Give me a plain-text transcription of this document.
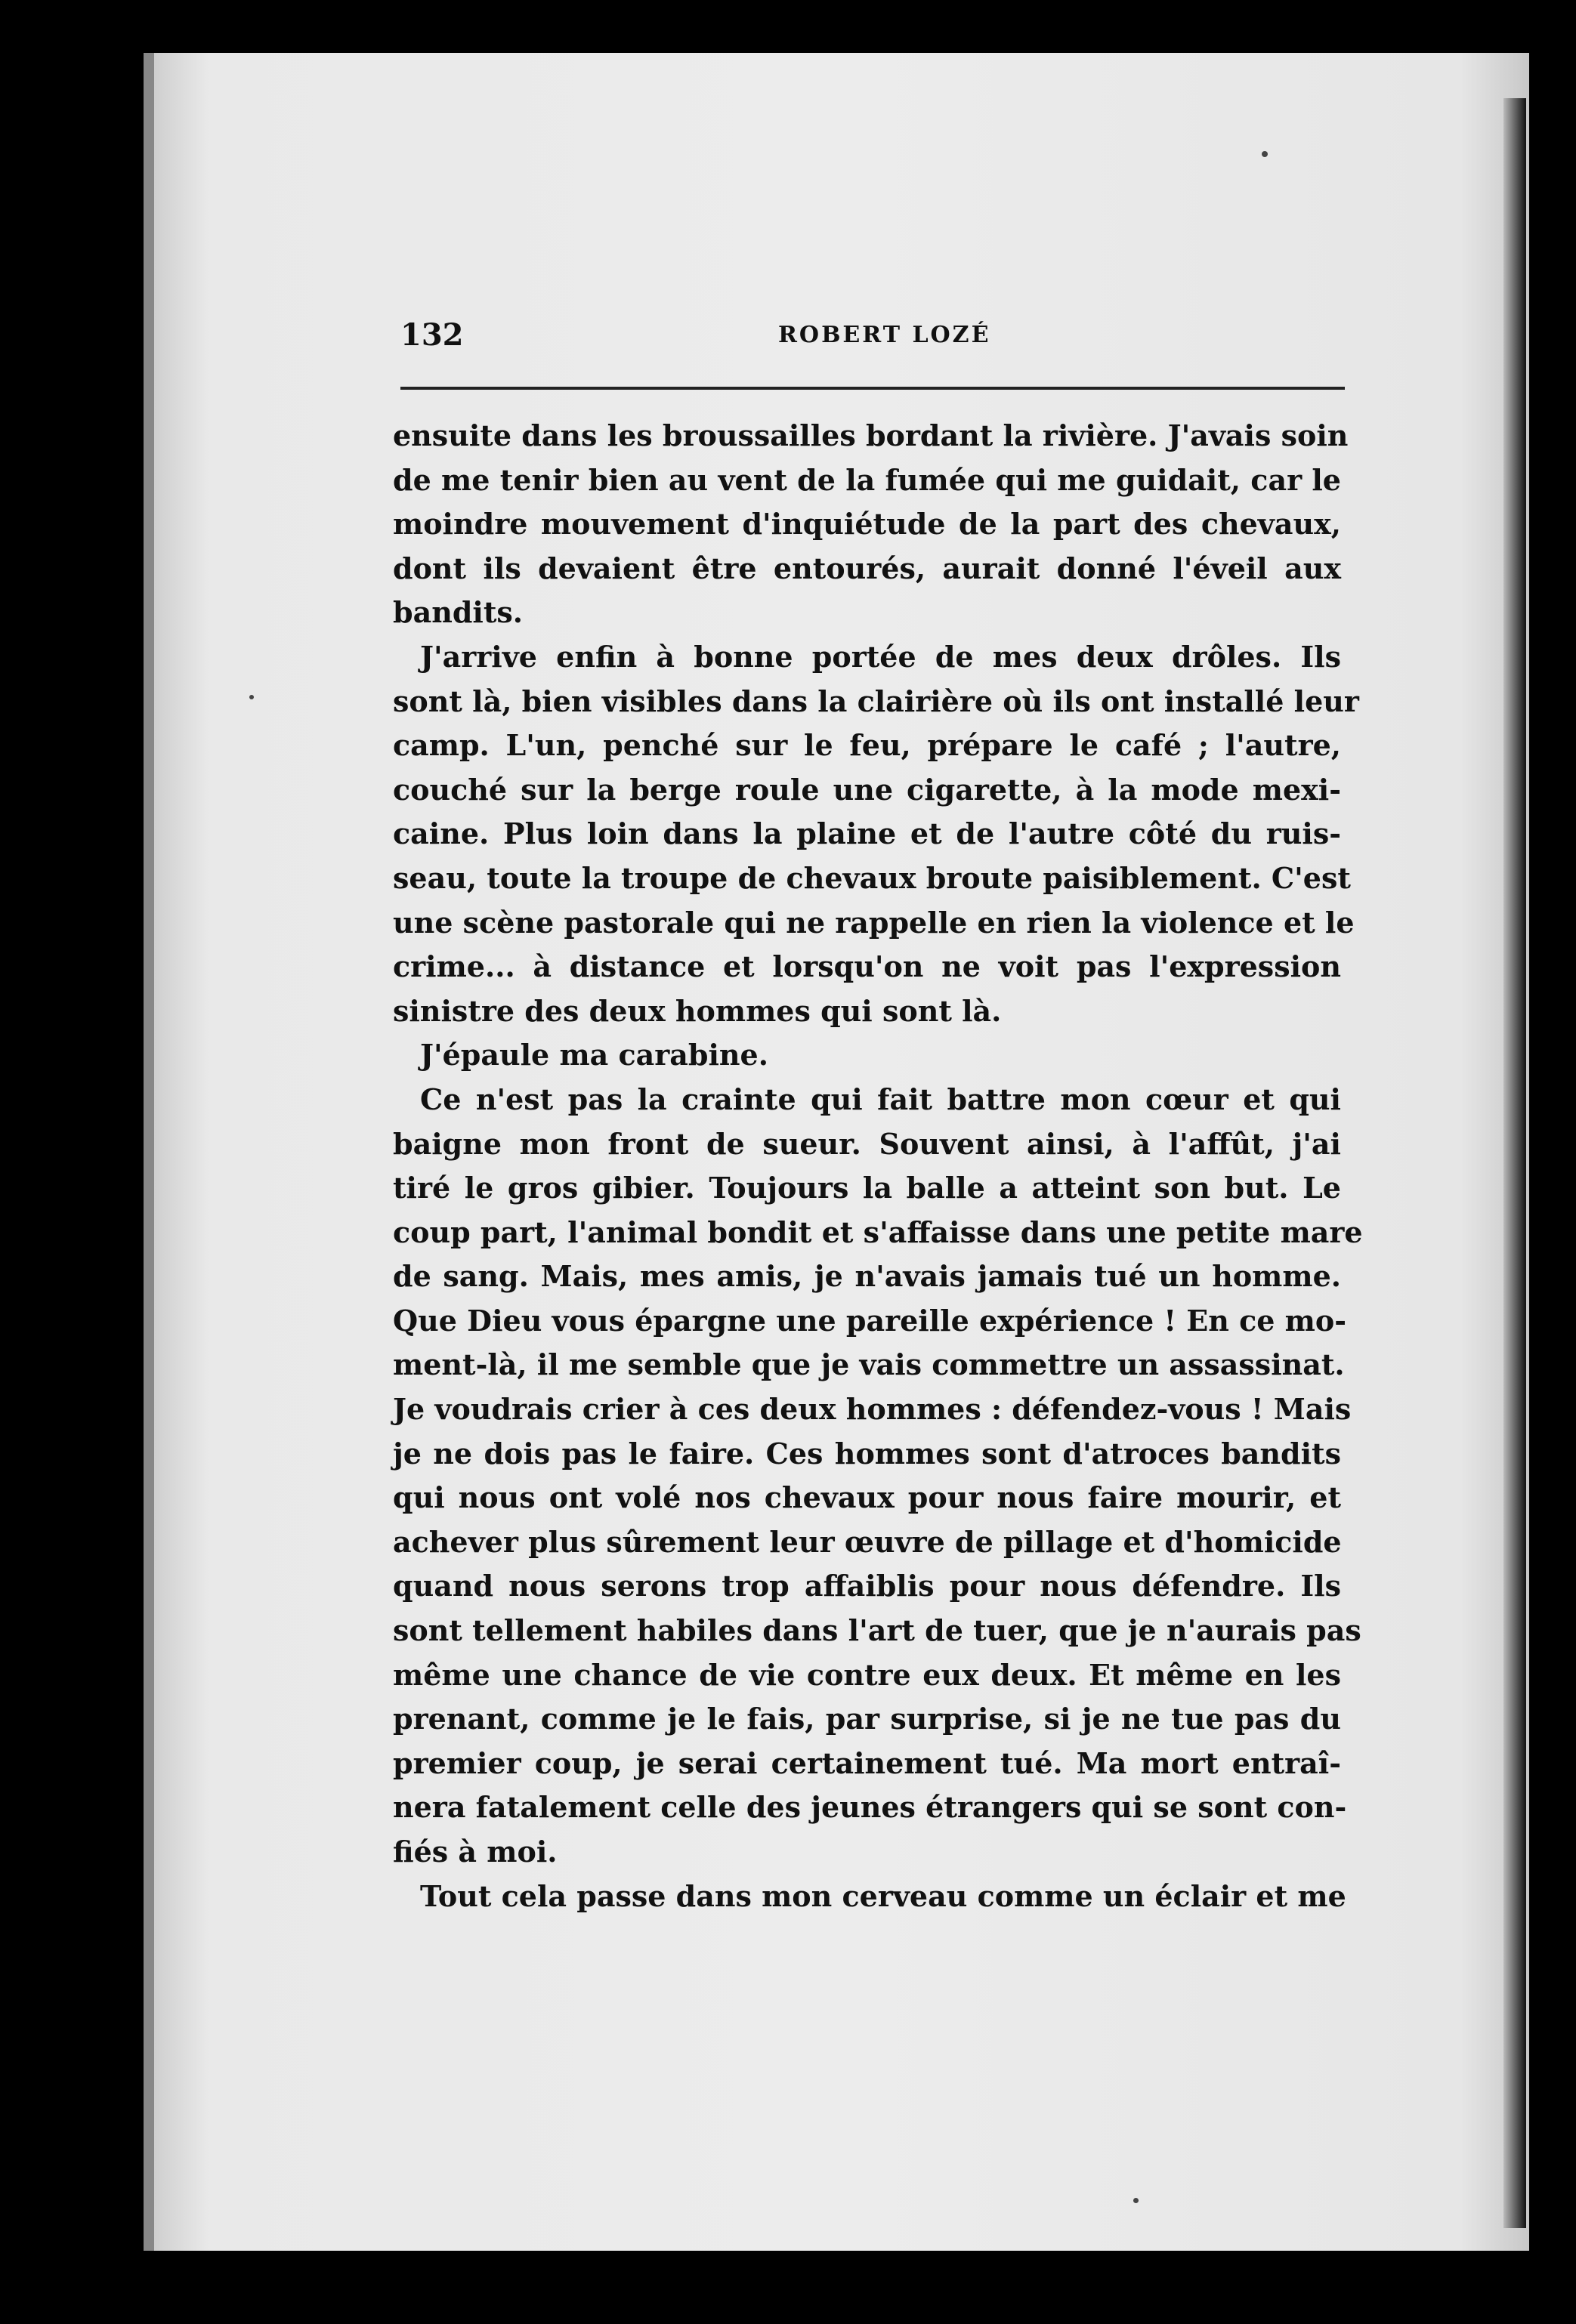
132	ROBERT LOZÉ
ensuite dans les broussailles bordant la rivière. J'avais soin
de me tenir bien au vent de la fumée qui me guidait, car le
moindre mouvement d'inquiétude de la part des chevaux,
dont ils devaient être entourés, aurait donné l'éveil aux
bandits.
J'arrive enfin à bonne portée de mes deux drôles. Ils
sont là, bien visibles dans la clairière où ils ont installé leur
camp. L'un, penché sur le feu, prépare le café ; l'autre,
couché sur la berge roule une cigarette, à la mode mexi-
caine. Plus loin dans la plaine et de l'autre côté du ruis-
seau, toute la troupe de chevaux broute paisiblement. C'est
une scène pastorale qui ne rappelle en rien la violence et le
crime... à distance et lorsqu'on ne voit pas l'expression
sinistre des deux hommes qui sont là.
J'épaule ma carabine.
Ce n'est pas la crainte qui fait battre mon cœur et qui
baigne mon front de sueur. Souvent ainsi, à l'affût, j'ai
tiré le gros gibier. Toujours la balle a atteint son but. Le
coup part, l'animal bondit et s'affaisse dans une petite mare
de sang. Mais, mes amis, je n'avais jamais tué un homme.
Que Dieu vous épargne une pareille expérience ! En ce mo-
ment-là, il me semble que je vais commettre un assassinat.
Je voudrais crier à ces deux hommes : défendez-vous ! Mais
je ne dois pas le faire. Ces hommes sont d'atroces bandits
qui nous ont volé nos chevaux pour nous faire mourir, et
achever plus sûrement leur œuvre de pillage et d'homicide
quand nous serons trop affaiblis pour nous défendre. Ils
sont tellement habiles dans l'art de tuer, que je n'aurais pas
même une chance de vie contre eux deux. Et même en les
prenant, comme je le fais, par surprise, si je ne tue pas du
premier coup, je serai certainement tué. Ma mort entraî-
nera fatalement celle des jeunes étrangers qui se sont con-
fiés à moi.
Tout cela passe dans mon cerveau comme un éclair et me
